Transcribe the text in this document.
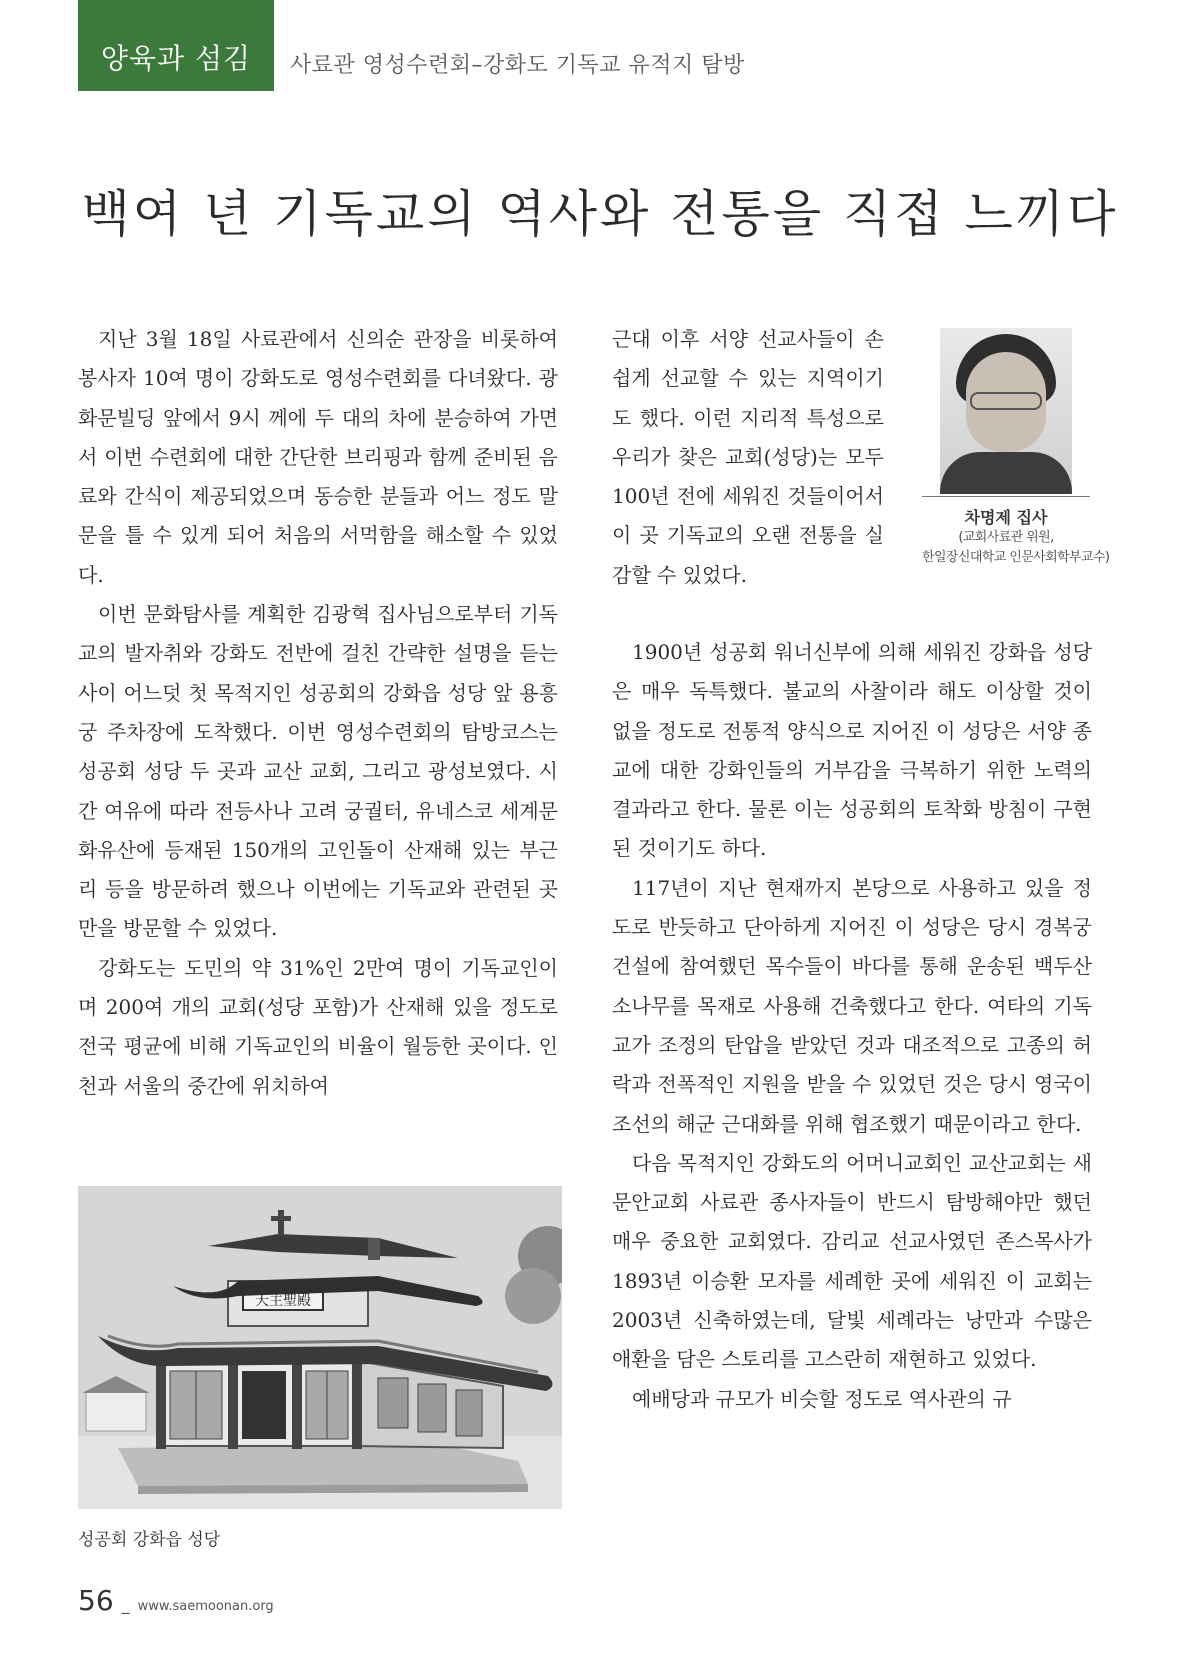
양육과 섬김	사료관 영성수련회–강화도 기독교 유적지 탐방
백여 년 기독교의 역사와 전통을 직접 느끼다

지난 3월 18일 사료관에서 신의순 관장을 비롯하여 봉사자 10여 명이 강화도로 영성수련회를 다녀왔다. 광화문빌딩 앞에서 9시 께에 두 대의 차에 분승하여 가면서 이번 수련회에 대한 간단한 브리핑과 함께 준비된 음료와 간식이 제공되었으며 동승한 분들과 어느 정도 말문을 틀 수 있게 되어 처음의 서먹함을 해소할 수 있었다.

이번 문화탐사를 계획한 김광혁 집사님으로부터 기독교의 발자취와 강화도 전반에 걸친 간략한 설명을 듣는 사이 어느덧 첫 목적지인 성공회의 강화읍 성당 앞 용흥궁 주차장에 도착했다. 이번 영성수련회의 탐방코스는 성공회 성당 두 곳과 교산 교회, 그리고 광성보였다. 시간 여유에 따라 전등사나 고려 궁궐터, 유네스코 세계문화유산에 등재된 150개의 고인돌이 산재해 있는 부근리 등을 방문하려 했으나 이번에는 기독교와 관련된 곳만을 방문할 수 있었다.

강화도는 도민의 약 31%인 2만여 명이 기독교인이며 200여 개의 교회(성당 포함)가 산재해 있을 정도로 전국 평균에 비해 기독교인의 비율이 월등한 곳이다. 인천과 서울의 중간에 위치하여

근대 이후 서양 선교사들이 손쉽게 선교할 수 있는 지역이기도 했다. 이런 지리적 특성으로 우리가 찾은 교회(성당)는 모두 100년 전에 세워진 것들이어서 이 곳 기독교의 오랜 전통을 실감할 수 있었다.

차명제 집사
(교회사료관 위원,
한일장신대학교 인문사회학부교수)

1900년 성공회 워너신부에 의해 세워진 강화읍 성당은 매우 독특했다. 불교의 사찰이라 해도 이상할 것이 없을 정도로 전통적 양식으로 지어진 이 성당은 서양 종교에 대한 강화인들의 거부감을 극복하기 위한 노력의 결과라고 한다. 물론 이는 성공회의 토착화 방침이 구현된 것이기도 하다.

117년이 지난 현재까지 본당으로 사용하고 있을 정도로 반듯하고 단아하게 지어진 이 성당은 당시 경복궁 건설에 참여했던 목수들이 바다를 통해 운송된 백두산 소나무를 목재로 사용해 건축했다고 한다. 여타의 기독교가 조정의 탄압을 받았던 것과 대조적으로 고종의 허락과 전폭적인 지원을 받을 수 있었던 것은 당시 영국이 조선의 해군 근대화를 위해 협조했기 때문이라고 한다.

다음 목적지인 강화도의 어머니교회인 교산교회는 새문안교회 사료관 종사자들이 반드시 탐방해야만 했던 매우 중요한 교회였다. 감리교 선교사였던 존스목사가 1893년 이승환 모자를 세례한 곳에 세워진 이 교회는 2003년 신축하였는데, 달빛 세례라는 낭만과 수많은 애환을 담은 스토리를 고스란히 재현하고 있었다.

예배당과 규모가 비슷할 정도로 역사관의 규

天主聖殿
성공회 강화읍 성당
56 _ www.saemoonan.org
